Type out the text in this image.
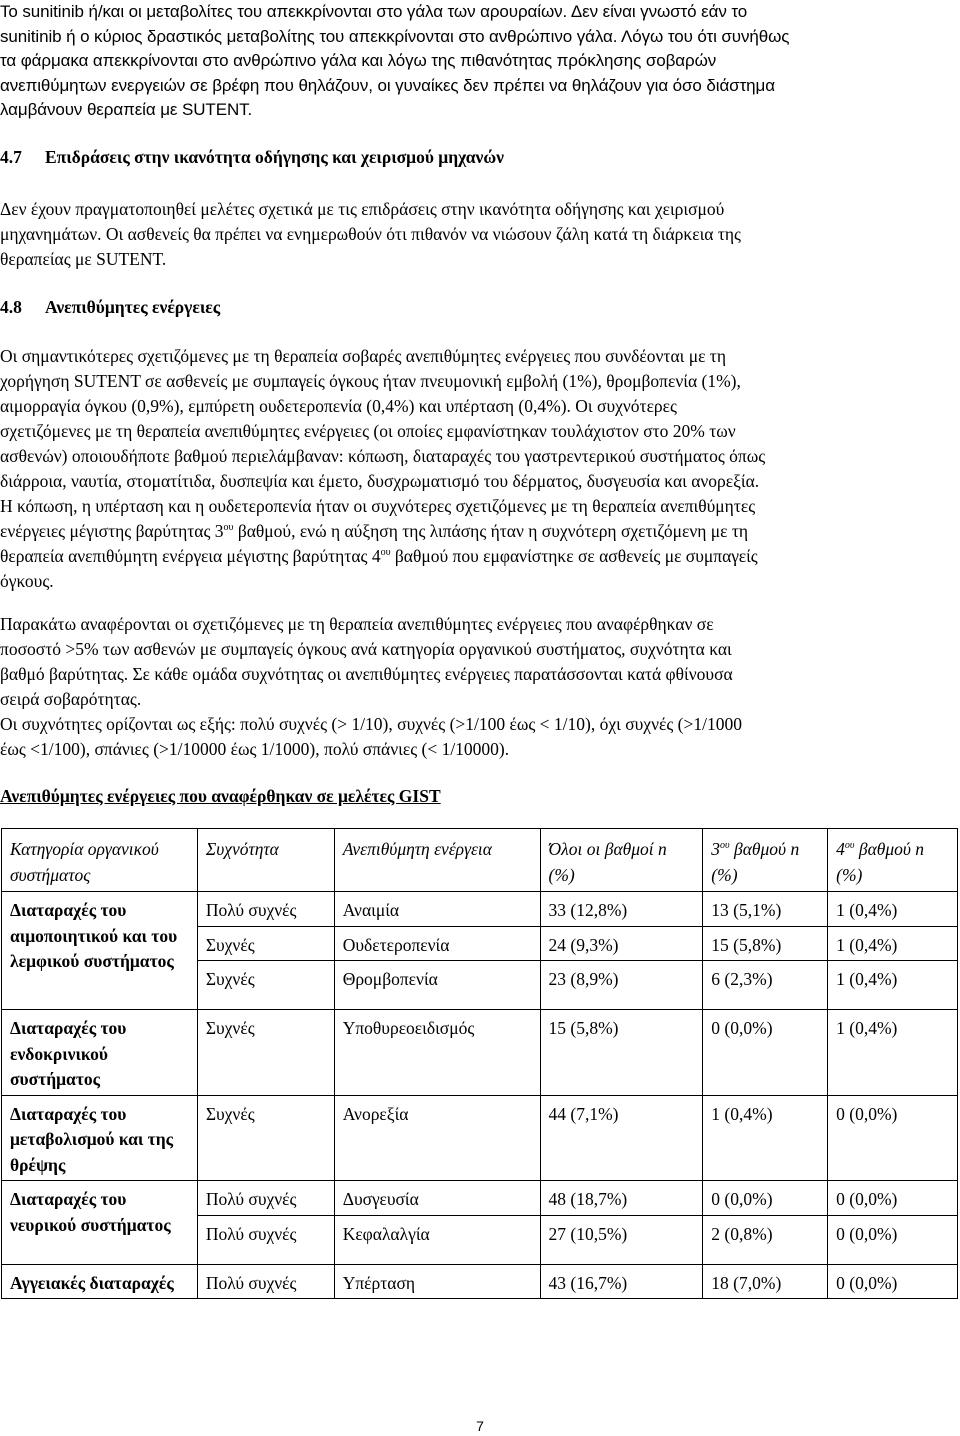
To sunitinib ή/και οι μεταβολίτες του απεκκρίνονται στο γάλα των αρουραίων. Δεν είναι γνωστό εάν το
sunitinib ή ο κύριος δραστικός μεταβολίτης του απεκκρίνονται στο ανθρώπινο γάλα. Λόγω του ότι συνήθως
τα φάρμακα απεκκρίνονται στο ανθρώπινο γάλα και λόγω της πιθανότητας πρόκλησης σοβαρών
ανεπιθύμητων ενεργειών σε βρέφη που θηλάζουν, οι γυναίκες δεν πρέπει να θηλάζουν για όσο διάστημα
λαμβάνουν θεραπεία με SUTENT.
4.7 Επιδράσεις στην ικανότητα οδήγησης και χειρισμού μηχανών
Δεν έχουν πραγματοποιηθεί μελέτες σχετικά με τις επιδράσεις στην ικανότητα οδήγησης και χειρισμού
μηχανημάτων. Οι ασθενείς θα πρέπει να ενημερωθούν ότι πιθανόν να νιώσουν ζάλη κατά τη διάρκεια της
θεραπείας με SUTENT.
4.8 Ανεπιθύμητες ενέργειες
Οι σημαντικότερες σχετιζόμενες με τη θεραπεία σοβαρές ανεπιθύμητες ενέργειες που συνδέονται με τη
χορήγηση SUTENT σε ασθενείς με συμπαγείς όγκους ήταν πνευμονική εμβολή (1%), θρομβοπενία (1%),
αιμορραγία όγκου (0,9%), εμπύρετη ουδετεροπενία (0,4%) και υπέρταση (0,4%). Οι συχνότερες
σχετιζόμενες με τη θεραπεία ανεπιθύμητες ενέργειες (οι οποίες εμφανίστηκαν τουλάχιστον στο 20% των
ασθενών) οποιουδήποτε βαθμού περιελάμβαναν: κόπωση, διαταραχές του γαστρεντερικού συστήματος όπως
διάρροια, ναυτία, στοματίτιδα, δυσπεψία και έμετο, δυσχρωματισμό του δέρματος, δυσγευσία και ανορεξία.
Η κόπωση, η υπέρταση και η ουδετεροπενία ήταν οι συχνότερες σχετιζόμενες με τη θεραπεία ανεπιθύμητες
ενέργειες μέγιστης βαρύτητας $3^{o\upsilon}$ βαθμού, ενώ η αύξηση της λιπάσης ήταν η συχνότερη σχετιζόμενη με τη
θεραπεία ανεπιθύμητη ενέργεια μέγιστης βαρύτητας $4^{o\upsilon}$ βαθμού που εμφανίστηκε σε ασθενείς με συμπαγείς
όγκους.
Παρακάτω αναφέρονται οι σχετιζόμενες με τη θεραπεία ανεπιθύμητες ενέργειες που αναφέρθηκαν σε
ποσοστό >5% των ασθενών με συμπαγείς όγκους ανά κατηγορία οργανικού συστήματος, συχνότητα και
βαθμό βαρύτητας. Σε κάθε ομάδα συχνότητας οι ανεπιθύμητες ενέργειες παρατάσσονται κατά φθίνουσα
σειρά σοβαρότητας.
Οι συχνότητες ορίζονται ως εξής: πολύ συχνές (> 1/10), συχνές (>1/100 έως < 1/10), όχι συχνές (>1/1000
έως <1/100), σπάνιες (>1/10000 έως 1/1000), πολύ σπάνιες (< 1/10000).
Ανεπιθύμητες ενέργειες που αναφέρθηκαν σε μελέτες GIST
Κατηγορία οργανικού συστήματος	Συχνότητα	Ανεπιθύμητη ενέργεια	Όλοι οι βαθμοί n (%)	$3^{o\upsilon}$ βαθμού n (%)	$4^{o\upsilon}$ βαθμού n (%)
Διαταραχές του αιμοποιητικού και του λεμφικού συστήματος	Πολύ συχνές	Αναιμία	33 (12,8%)	13 (5,1%)	1 (0,4%)
	Συχνές	Ουδετεροπενία	24 (9,3%)	15 (5,8%)	1 (0,4%)
	Συχνές	Θρομβοπενία	23 (8,9%)	6 (2,3%)	1 (0,4%)
Διαταραχές του ενδοκρινικού συστήματος	Συχνές	Υποθυρεοειδισμός	15 (5,8%)	0 (0,0%)	1 (0,4%)
Διαταραχές του μεταβολισμού και της θρέψης	Συχνές	Ανορεξία	44 (7,1%)	1 (0,4%)	0 (0,0%)
Διαταραχές του νευρικού συστήματος	Πολύ συχνές	Δυσγευσία	48 (18,7%)	0 (0,0%)	0 (0,0%)
	Πολύ συχνές	Κεφαλαλγία	27 (10,5%)	2 (0,8%)	0 (0,0%)
Αγγειακές διαταραχές	Πολύ συχνές	Υπέρταση	43 (16,7%)	18 (7,0%)	0 (0,0%)
7
